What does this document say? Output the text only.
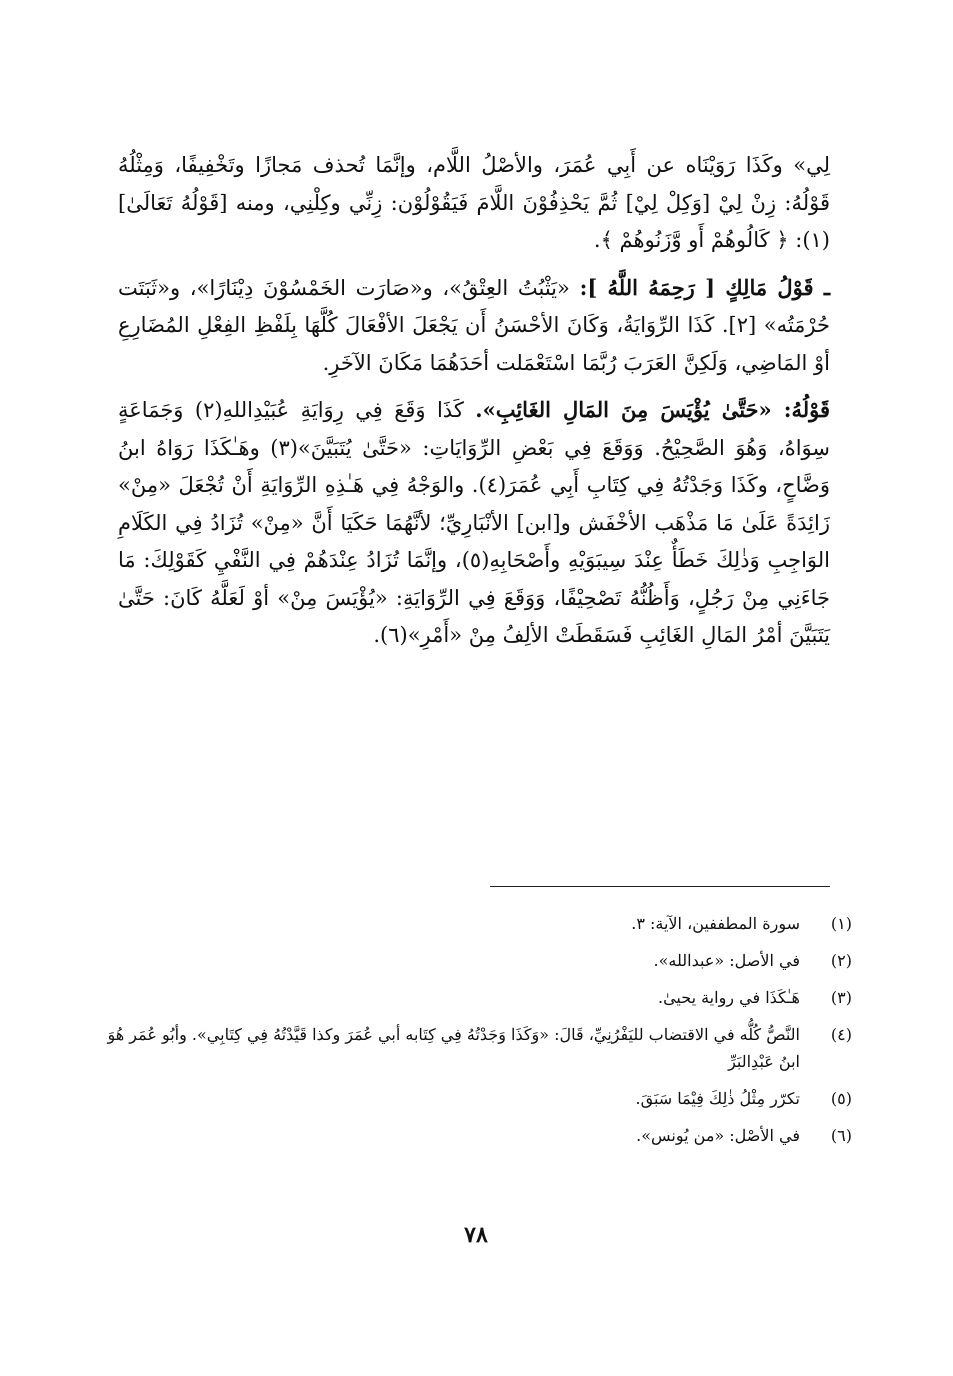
لِي» وكَذَا رَوَيْنَاه عن أَبِي عُمَرَ، والأصْلُ اللَّام، وإنَّمَا تُحذف مَجازًا وتَخْفِيفًا، وَمِثْلُهُ قَوْلُهُ: زِنْ لِيْ [وَكِلْ لِيْ] ثُمَّ يَحْذِفُوْنَ اللَّامَ فَيَقُوْلُوْن: زِنِّي وكِلْنِي، ومنه [قَوْلُهُ تَعَالَىٰ](١): ﴿ كَالُوهُمْ أَو وَّزَنُوهُمْ ﴾.

ـ قَوْلُ مَالِكٍ [ رَحِمَهُ اللَّهُ ]: «يَثْبُتُ العِتْقُ»، و«صَارَت الخَمْسُوْنَ دِيْنَارًا»، و«ثَبَتَت حُرْمَتُه» [٢]. كَذَا الرِّوَايَةُ، وَكَانَ الأحْسَنُ أَن يَجْعَلَ الأفْعَالَ كُلَّهَا بِلَفْظِ الفِعْلِ المُضَارِعِ أوْ المَاضِي، وَلَكِنَّ العَرَبَ رُبَّمَا اسْتَعْمَلت أحَدَهُمَا مَكَانَ الآخَرِ.

قَوْلُهُ: «حَتَّىٰ يُؤْيَسَ مِنَ المَالِ الغَائِبِ». كَذَا وَقَعَ فِي رِوَايَةِ عُبَيْدِاللهِ(٢) وَجَمَاعَةٍ سِوَاهُ، وَهُوَ الصَّحِيْحُ. وَوَقَعَ فِي بَعْضِ الرِّوَايَاتِ: «حَتَّىٰ يُتَبَيَّنَ»(٣) وهَـٰكَذَا رَوَاهُ ابنُ وَضَّاحٍ، وكَذَا وَجَدْتُهُ فِي كِتَابِ أَبِي عُمَرَ(٤). والوَجْهُ فِي هَـٰذِهِ الرِّوَايَةِ أَنْ تُجْعَلَ «مِنْ» زَائِدَةً عَلَىٰ مَا مَذْهَب الأخْفَش و[ابن] الأنْبَارِيِّ؛ لأنَّهُمَا حَكَيَا أَنَّ «مِنْ» تُزَادُ فِي الكَلَامِ الوَاجِبِ وَذٰلِكَ خَطَأٌ عِنْدَ سِيبَوَيْهِ وأَصْحَابِهِ(٥)، وإنَّمَا تُزَادُ عِنْدَهُمْ فِي النَّفْيِ كَقَوْلِكَ: مَا جَاءَنِي مِنْ رَجُلٍ، وَأَظُنُّهُ تَصْحِيْفًا، وَوَقَعَ فِي الرِّوَايَةِ: «يُؤْيَسَ مِنْ» أوْ لَعَلَّهُ كَانَ: حَتَّىٰ يَتَبَيَّنَ أمْرُ المَالِ الغَائِبِ فَسَقَطَتْ الألِفُ مِنْ «أَمْرِ»(٦).

(١)
سورة المطففين، الآية: ٣.
(٢)
في الأصل: «عبدالله».
(٣)
هَـٰكَذَا في رواية يحيىٰ.
(٤)
النَّصُّ كُلُّه في الاقتضاب لليَفْرُنِيِّ، قَالَ: «وَكَذَا وَجَدْتُهُ فِي كِتَابه أبي عُمَرَ وكذا قَيَّدْتُهُ فِي كِتَابِي». وأبُو عُمَر هُوَ ابنُ عَبْدِالبَرِّ
(٥)
تكرّر مِثْلُ ذٰلِكَ فِيْمَا سَبَقَ.
(٦)
في الأصْل: «من يُونس».
٧٨
